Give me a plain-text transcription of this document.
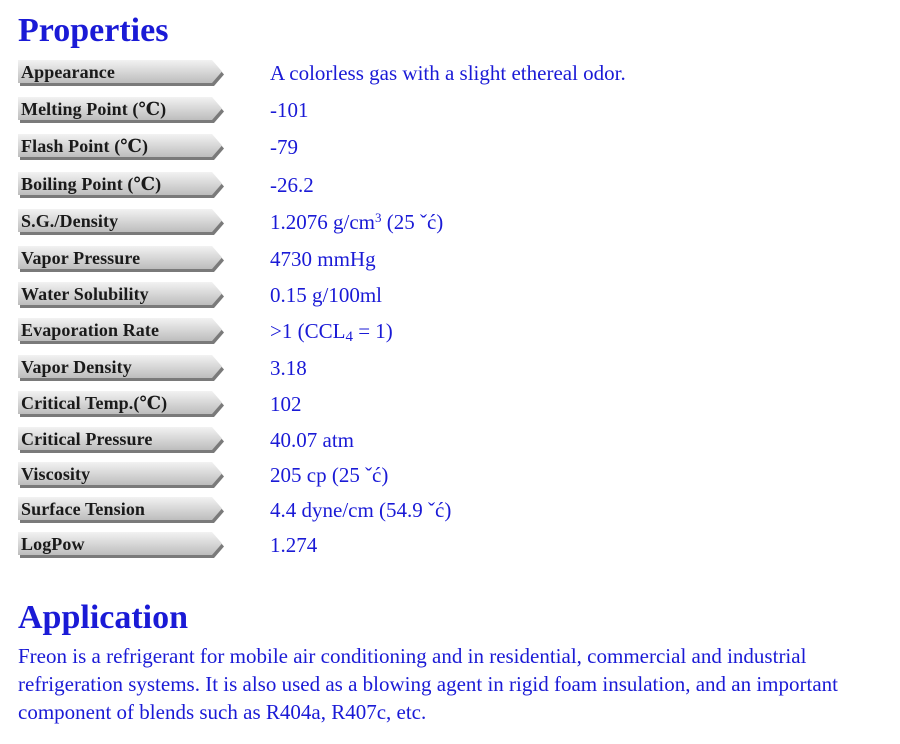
Properties
Appearance	A colorless gas with a slight ethereal odor.
Melting Point (℃)	-101
Flash Point (℃)	-79
Boiling Point (℃)	-26.2
S.G./Density	1.2076 $g/cm^3$ (25 ˇć)
Vapor Pressure	4730 mmHg
Water Solubility	0.15 g/100ml
Evaporation Rate	>1 $(CCL_4 = 1)$
Vapor Density	3.18
Critical Temp.(℃)	102
Critical Pressure	40.07 atm
Viscosity	205 cp (25 ˇć)
Surface Tension	4.4 dyne/cm (54.9 ˇć)
LogPow	1.274
Application

Freon is a refrigerant for mobile air conditioning and in residential, commercial and industrial refrigeration systems. It is also used as a blowing agent in rigid foam insulation, and an important component of blends such as R404a, R407c, etc.
